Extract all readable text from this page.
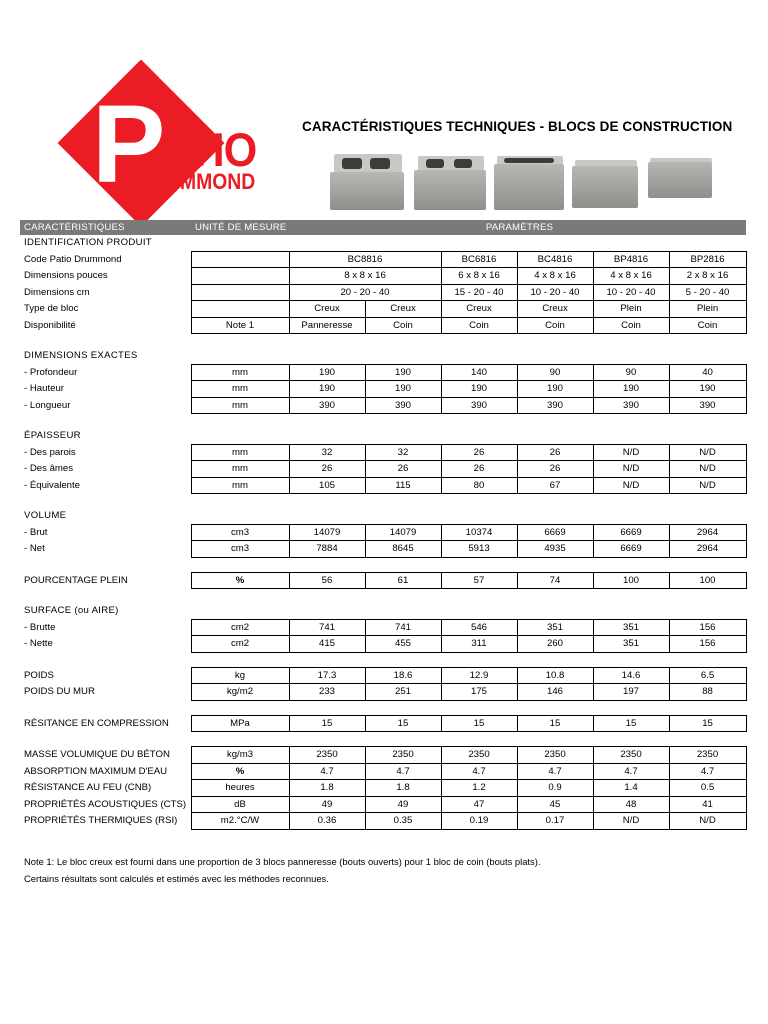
P
ATIO
DRUMMOND
CARACTÉRISTIQUES TECHNIQUES - BLOCS DE CONSTRUCTION
CARACTÉRISTIQUES	UNITÉ DE MESURE	PARAMÈTRES					
IDENTIFICATION PRODUIT							
Code Patio Drummond		BC8816		BC6816	BC4816	BP4816	BP2816
Dimensions pouces		8 x 8 x 16		6 x 8 x 16	4 x 8 x 16	4 x 8 x 16	2 x 8 x 16
Dimensions cm		20 - 20 - 40		15 - 20 - 40	10 - 20 - 40	10 - 20 - 40	5 - 20 - 40
Type de bloc		Creux	Creux	Creux	Creux	Plein	Plein
Disponibilité	Note 1	Panneresse	Coin	Coin	Coin	Coin	Coin

DIMENSIONS EXACTES							
- Profondeur	mm	190	190	140	90	90	40
- Hauteur	mm	190	190	190	190	190	190
- Longueur	mm	390	390	390	390	390	390

ÉPAISSEUR							
- Des parois	mm	32	32	26	26	N/D	N/D
- Des âmes	mm	26	26	26	26	N/D	N/D
- Équivalente	mm	105	115	80	67	N/D	N/D

VOLUME							
- Brut	cm3	14079	14079	10374	6669	6669	2964
- Net	cm3	7884	8645	5913	4935	6669	2964

POURCENTAGE PLEIN	%	56	61	57	74	100	100

SURFACE (ou AIRE)							
- Brutte	cm2	741	741	546	351	351	156
- Nette	cm2	415	455	311	260	351	156

POIDS	kg	17.3	18.6	12.9	10.8	14.6	6.5
POIDS DU MUR	kg/m2	233	251	175	146	197	88

RÉSITANCE EN COMPRESSION	MPa	15	15	15	15	15	15

MASSE VOLUMIQUE DU BÉTON	kg/m3	2350	2350	2350	2350	2350	2350
ABSORPTION MAXIMUM D'EAU	%	4.7	4.7	4.7	4.7	4.7	4.7
RÉSISTANCE AU FEU (CNB)	heures	1.8	1.8	1.2	0.9	1.4	0.5
PROPRIÉTÉS ACOUSTIQUES (CTS)	dB	49	49	47	45	48	41
PROPRIÉTÉS THERMIQUES (RSI)	m2.°C/W	0.36	0.35	0.19	0.17	N/D	N/D
Note 1: Le bloc creux est fourni dans une proportion de 3 blocs panneresse (bouts ouverts) pour 1 bloc de coin (bouts plats).
Certains résultats sont calculés et estimés avec les méthodes reconnues.
